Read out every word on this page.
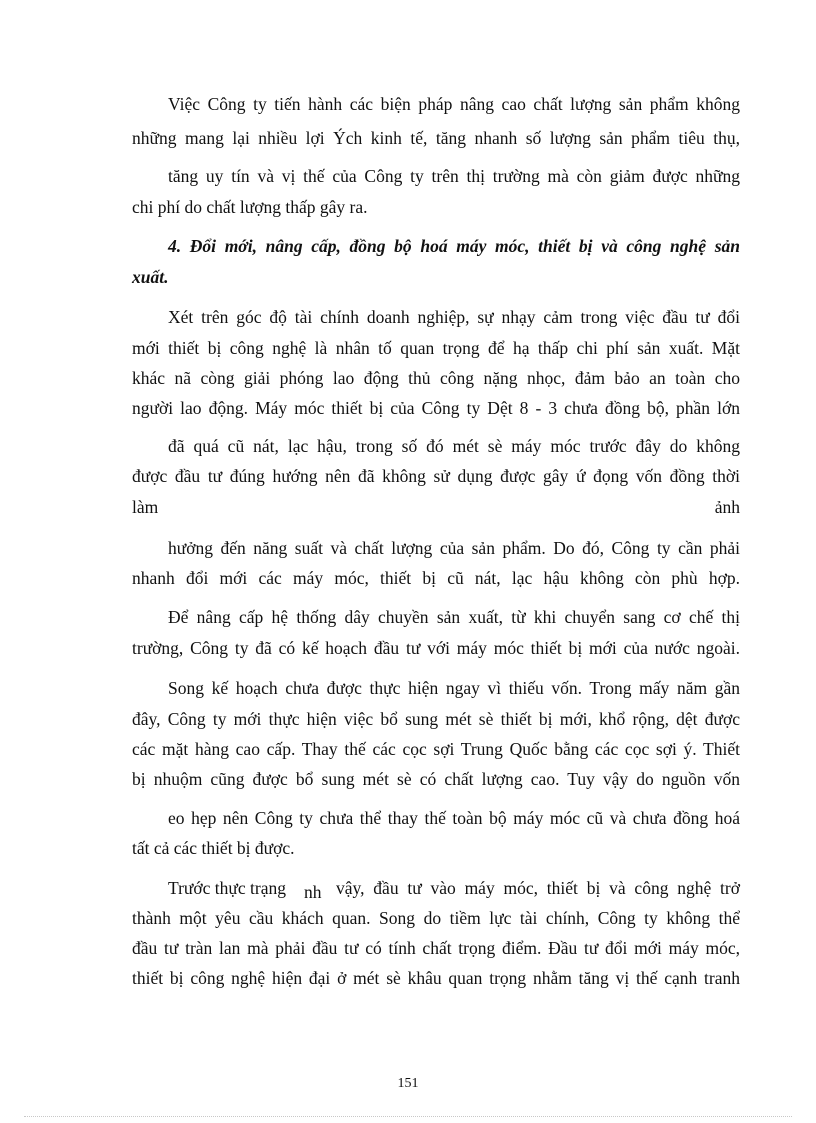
Việc Công ty tiến hành các biện pháp nâng cao chất lượng sản phẩm không
những mang lại nhiều lợi Ých kinh tế, tăng nhanh số lượng sản phẩm tiêu thụ,
tăng uy tín và vị thế của Công ty trên thị trường mà còn giảm được những
chi phí do chất lượng thấp gây ra.
4. Đổi mới, nâng cấp, đồng bộ hoá máy móc, thiết bị và công nghệ sản
xuất.
Xét trên góc độ tài chính doanh nghiệp, sự nhạy cảm trong việc đầu tư đổi
mới thiết bị công nghệ là nhân tố quan trọng để hạ thấp chi phí sản xuất. Mặt
khác nã còng giải phóng lao động thủ công nặng nhọc, đảm bảo an toàn cho
người lao động. Máy móc thiết bị của Công ty Dệt 8 - 3 chưa đồng bộ, phần lớn
đã quá cũ nát, lạc hậu, trong số đó mét sè máy móc trước đây do không
được đầu tư đúng hướng nên đã không sử dụng được gây ứ đọng vốn đồng thời
làm	ảnh
hưởng đến năng suất và chất lượng của sản phẩm. Do đó, Công ty cần phải
nhanh đổi mới các máy móc, thiết bị cũ nát, lạc hậu không còn phù hợp.
Để nâng cấp hệ thống dây chuyền sản xuất, từ khi chuyển sang cơ chế thị
trường, Công ty đã có kế hoạch đầu tư với máy móc thiết bị mới của nước ngoài.
Song kế hoạch chưa được thực hiện ngay vì thiếu vốn. Trong mấy năm gần
đây, Công ty mới thực hiện việc bổ sung mét sè thiết bị mới, khổ rộng, dệt được
các mặt hàng cao cấp. Thay thế các cọc sợi Trung Quốc bằng các cọc sợi ý. Thiết
bị nhuộm cũng được bổ sung mét sè có chất lượng cao. Tuy vậy do nguồn vốn
eo hẹp nên Công ty chưa thể thay thế toàn bộ máy móc cũ và chưa đồng hoá
tất cả các thiết bị được.
Trước thực trạng	nh vậy, đầu tư vào máy móc, thiết bị và công nghệ trở
thành một yêu cầu khách quan. Song do tiềm lực tài chính, Công ty không thể
đầu tư tràn lan mà phải đầu tư có tính chất trọng điểm. Đầu tư đổi mới máy móc,
thiết bị công nghệ hiện đại ở mét sè khâu quan trọng nhằm tăng vị thế cạnh tranh
151
